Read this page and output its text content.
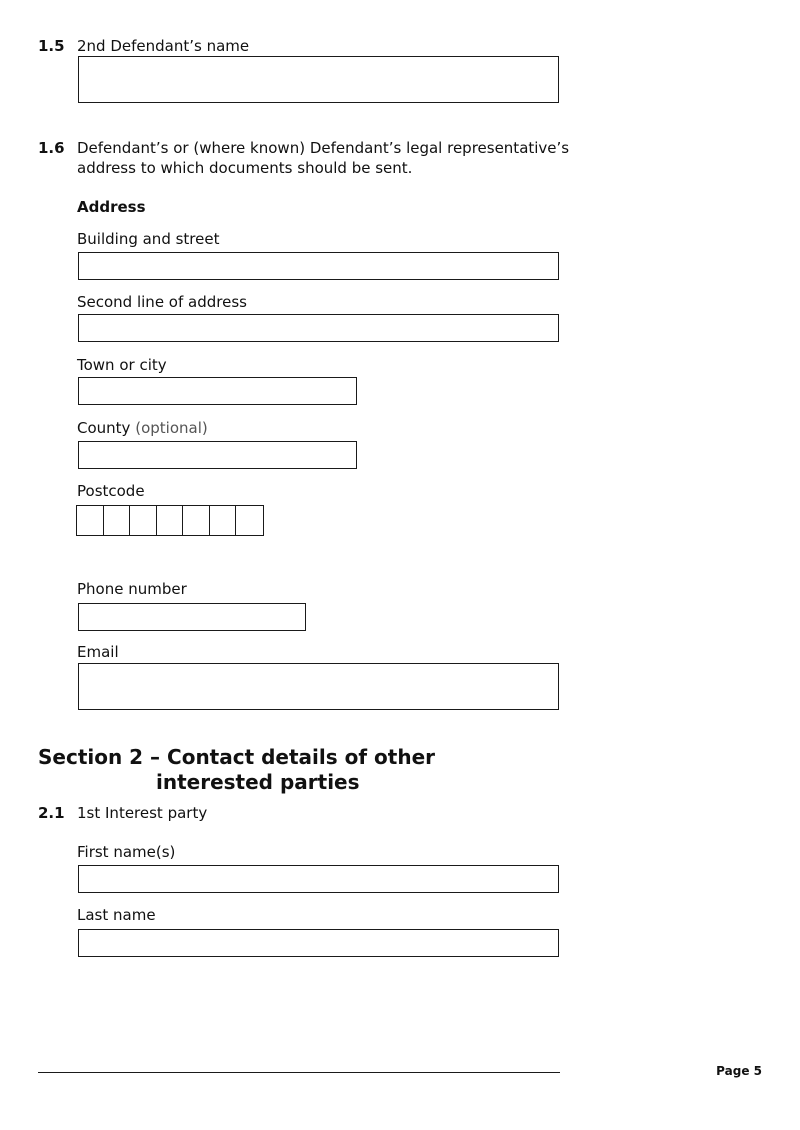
1.5 2nd Defendant’s name
1.6 Defendant’s or (where known) Defendant’s legal representative’s
address to which documents should be sent.
Address
Building and street
Second line of address
Town or city
County (optional)
Postcode
Phone number
Email
Section 2 – Contact details of other
interested parties
2.1 1st Interest party
First name(s)
Last name
Page 5
